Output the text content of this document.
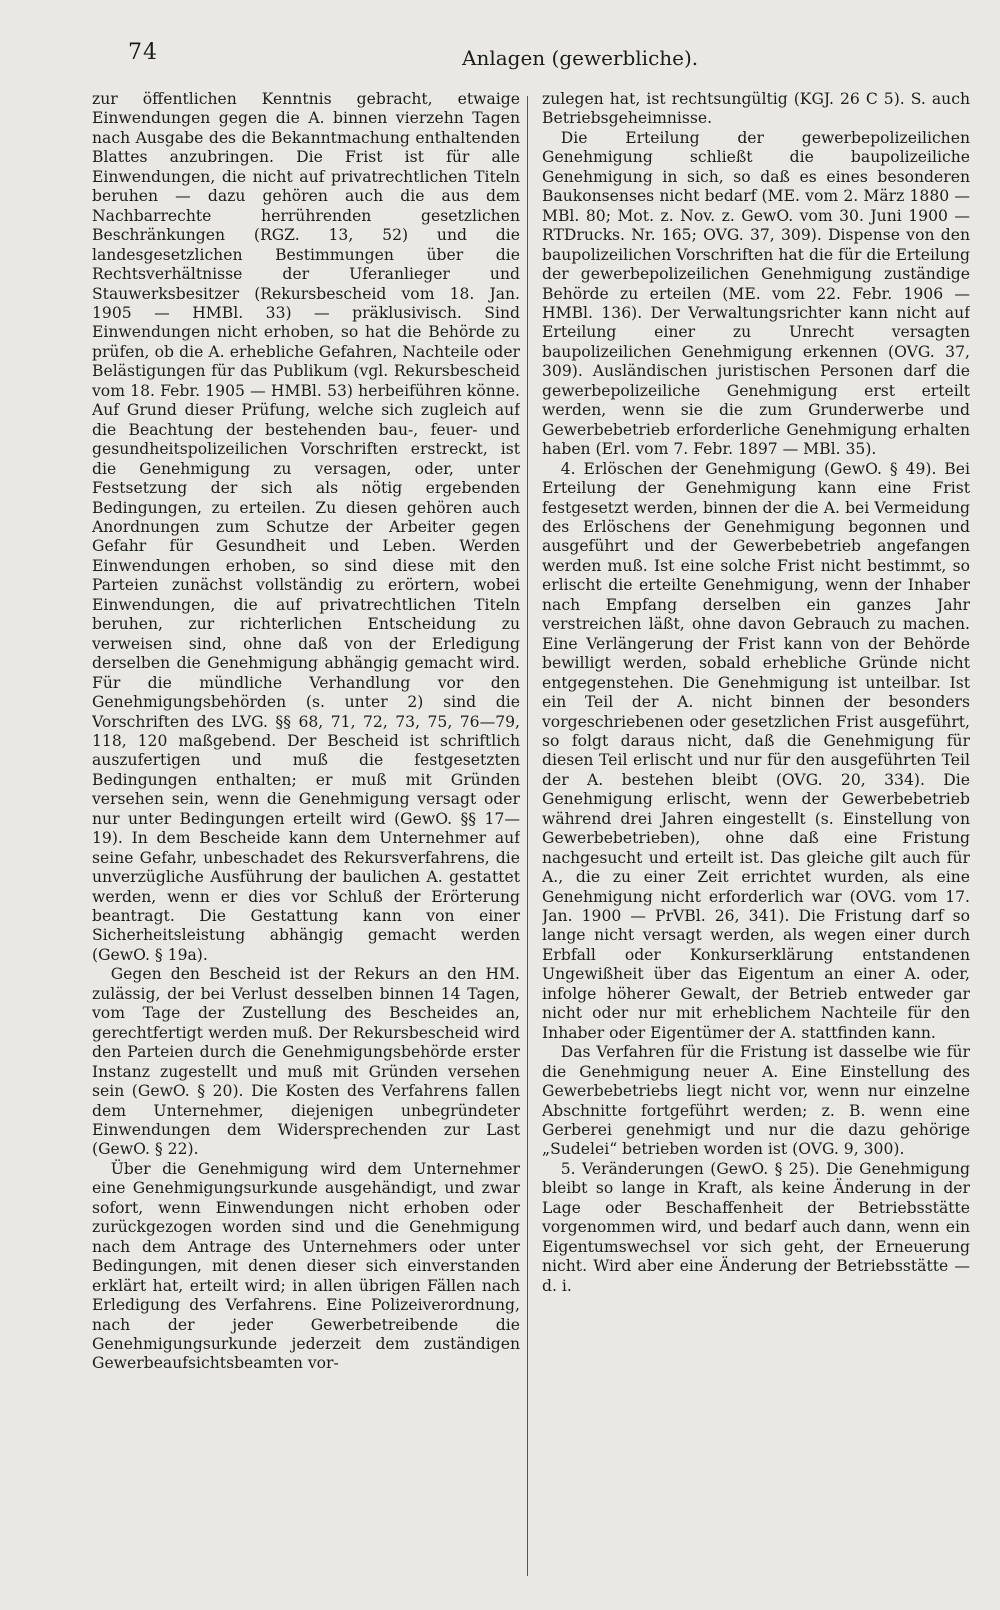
74	Anlagen (gewerbliche).

zur öffentlichen Kenntnis gebracht, etwaige Einwendungen gegen die A. binnen vierzehn Tagen nach Ausgabe des die Bekanntmachung enthaltenden Blattes anzubringen. Die Frist ist für alle Einwendungen, die nicht auf privatrechtlichen Titeln beruhen — dazu gehören auch die aus dem Nachbarrechte herrührenden gesetzlichen Beschränkungen (RGZ. 13, 52) und die landesgesetzlichen Bestimmungen über die Rechtsverhältnisse der Uferanlieger und Stauwerksbesitzer (Rekursbescheid vom 18. Jan. 1905 — HMBl. 33) — präklusivisch. Sind Einwendungen nicht erhoben, so hat die Behörde zu prüfen, ob die A. erhebliche Gefahren, Nachteile oder Belästigungen für das Publikum (vgl. Rekursbescheid vom 18. Febr. 1905 — HMBl. 53) herbeiführen könne. Auf Grund dieser Prüfung, welche sich zugleich auf die Beachtung der bestehenden bau-, feuer- und gesundheitspolizeilichen Vorschriften erstreckt, ist die Genehmigung zu versagen, oder, unter Festsetzung der sich als nötig ergebenden Bedingungen, zu erteilen. Zu diesen gehören auch Anordnungen zum Schutze der Arbeiter gegen Gefahr für Gesundheit und Leben. Werden Einwendungen erhoben, so sind diese mit den Parteien zunächst vollständig zu erörtern, wobei Einwendungen, die auf privatrechtlichen Titeln beruhen, zur richterlichen Entscheidung zu verweisen sind, ohne daß von der Erledigung derselben die Genehmigung abhängig gemacht wird. Für die mündliche Verhandlung vor den Genehmigungsbehörden (s. unter 2) sind die Vorschriften des LVG. §§ 68, 71, 72, 73, 75, 76—79, 118, 120 maßgebend. Der Bescheid ist schriftlich auszufertigen und muß die festgesetzten Bedingungen enthalten; er muß mit Gründen versehen sein, wenn die Genehmigung versagt oder nur unter Bedingungen erteilt wird (GewO. §§ 17—19). In dem Bescheide kann dem Unternehmer auf seine Gefahr, unbeschadet des Rekursverfahrens, die unverzügliche Ausführung der baulichen A. gestattet werden, wenn er dies vor Schluß der Erörterung beantragt. Die Gestattung kann von einer Sicherheitsleistung abhängig gemacht werden (GewO. § 19a).

Gegen den Bescheid ist der Rekurs an den HM. zulässig, der bei Verlust desselben binnen 14 Tagen, vom Tage der Zustellung des Bescheides an, gerechtfertigt werden muß. Der Rekursbescheid wird den Parteien durch die Genehmigungsbehörde erster Instanz zugestellt und muß mit Gründen versehen sein (GewO. § 20). Die Kosten des Verfahrens fallen dem Unternehmer, diejenigen unbegründeter Einwendungen dem Widersprechenden zur Last (GewO. § 22).

Über die Genehmigung wird dem Unternehmer eine Genehmigungsurkunde ausgehändigt, und zwar sofort, wenn Einwendungen nicht erhoben oder zurückgezogen worden sind und die Genehmigung nach dem Antrage des Unternehmers oder unter Bedingungen, mit denen dieser sich einverstanden erklärt hat, erteilt wird; in allen übrigen Fällen nach Erledigung des Verfahrens. Eine Polizeiverordnung, nach der jeder Gewerbetreibende die Genehmigungsurkunde jederzeit dem zuständigen Gewerbeaufsichtsbeamten vor-

zulegen hat, ist rechtsungültig (KGJ. 26 C 5). S. auch Betriebsgeheimnisse.

Die Erteilung der gewerbepolizeilichen Genehmigung schließt die baupolizeiliche Genehmigung in sich, so daß es eines besonderen Baukonsenses nicht bedarf (ME. vom 2. März 1880 — MBl. 80; Mot. z. Nov. z. GewO. vom 30. Juni 1900 — RTDrucks. Nr. 165; OVG. 37, 309). Dispense von den baupolizeilichen Vorschriften hat die für die Erteilung der gewerbepolizeilichen Genehmigung zuständige Behörde zu erteilen (ME. vom 22. Febr. 1906 — HMBl. 136). Der Verwaltungsrichter kann nicht auf Erteilung einer zu Unrecht versagten baupolizeilichen Genehmigung erkennen (OVG. 37, 309). Ausländischen juristischen Personen darf die gewerbepolizeiliche Genehmigung erst erteilt werden, wenn sie die zum Grunderwerbe und Gewerbebetrieb erforderliche Genehmigung erhalten haben (Erl. vom 7. Febr. 1897 — MBl. 35).

4. Erlöschen der Genehmigung (GewO. § 49). Bei Erteilung der Genehmigung kann eine Frist festgesetzt werden, binnen der die A. bei Vermeidung des Erlöschens der Genehmigung begonnen und ausgeführt und der Gewerbebetrieb angefangen werden muß. Ist eine solche Frist nicht bestimmt, so erlischt die erteilte Genehmigung, wenn der Inhaber nach Empfang derselben ein ganzes Jahr verstreichen läßt, ohne davon Gebrauch zu machen. Eine Verlängerung der Frist kann von der Behörde bewilligt werden, sobald erhebliche Gründe nicht entgegenstehen. Die Genehmigung ist unteilbar. Ist ein Teil der A. nicht binnen der besonders vorgeschriebenen oder gesetzlichen Frist ausgeführt, so folgt daraus nicht, daß die Genehmigung für diesen Teil erlischt und nur für den ausgeführten Teil der A. bestehen bleibt (OVG. 20, 334). Die Genehmigung erlischt, wenn der Gewerbebetrieb während drei Jahren eingestellt (s. Einstellung von Gewerbebetrieben), ohne daß eine Fristung nachgesucht und erteilt ist. Das gleiche gilt auch für A., die zu einer Zeit errichtet wurden, als eine Genehmigung nicht erforderlich war (OVG. vom 17. Jan. 1900 — PrVBl. 26, 341). Die Fristung darf so lange nicht versagt werden, als wegen einer durch Erbfall oder Konkurserklärung entstandenen Ungewißheit über das Eigentum an einer A. oder, infolge höherer Gewalt, der Betrieb entweder gar nicht oder nur mit erheblichem Nachteile für den Inhaber oder Eigentümer der A. stattfinden kann.

Das Verfahren für die Fristung ist dasselbe wie für die Genehmigung neuer A. Eine Einstellung des Gewerbebetriebs liegt nicht vor, wenn nur einzelne Abschnitte fortgeführt werden; z. B. wenn eine Gerberei genehmigt und nur die dazu gehörige „Sudelei“ betrieben worden ist (OVG. 9, 300).

5. Veränderungen (GewO. § 25). Die Genehmigung bleibt so lange in Kraft, als keine Änderung in der Lage oder Beschaffenheit der Betriebsstätte vorgenommen wird, und bedarf auch dann, wenn ein Eigentumswechsel vor sich geht, der Erneuerung nicht. Wird aber eine Änderung der Betriebsstätte — d. i.
